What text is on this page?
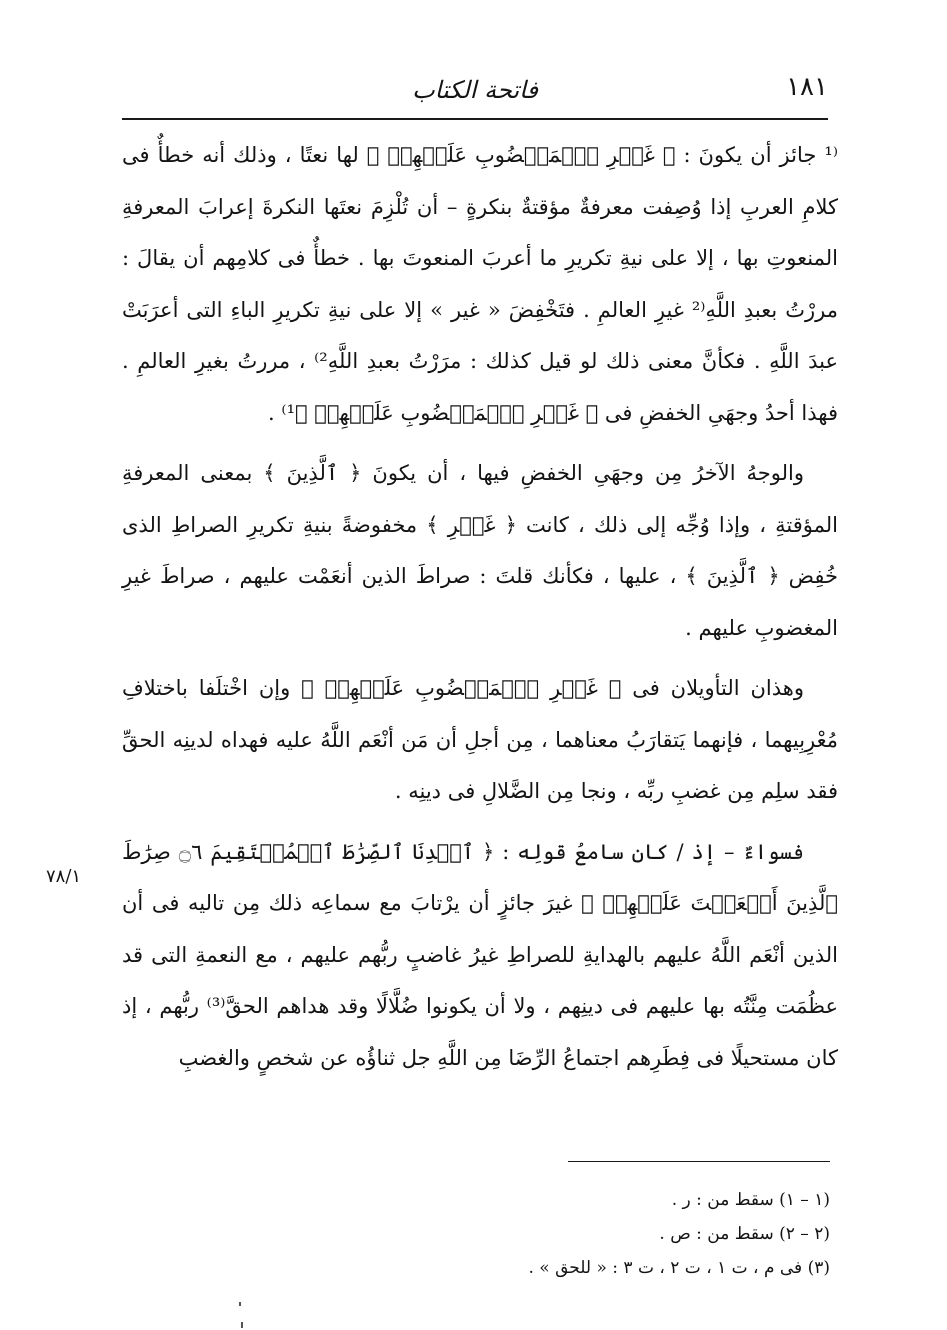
١٨١
فاتحة الكتاب

⁽¹ جائز أن يكونَ : ﴿ غَيۡرِ ٱلۡمَغۡضُوبِ عَلَيۡهِمۡ ﴾ لها نعتًا ، وذلك أنه خطأٌ فى كلامِ العربِ إذا وُصِفت معرفةٌ مؤقتةٌ بنكرةٍ – أن تُلْزِمَ نعتَها النكرةَ إعرابَ المعرفةِ المنعوتِ بها ، إلا على نيةِ تكريرِ ما أعربَ المنعوتَ بها . خطأٌ فى كلامِهم أن يقالَ : مررْتُ بعبدِ اللَّهِ⁽² غيرِ العالمِ . فتَخْفِضَ « غير » إلا على نيةِ تكريرِ الباءِ التى أعرَبَتْ عبدَ اللَّهِ . فكأنَّ معنى ذلك لو قيل كذلك : مرَرْتُ بعبدِ اللَّهِ²⁾ ، مررتُ بغيرِ العالمِ . فهذا أحدُ وجهَىِ الخفضِ فى ﴿ غَيۡرِ ٱلۡمَغۡضُوبِ عَلَيۡهِمۡ ﴾¹⁾ .

والوجهُ الآخرُ مِن وجهَىِ الخفضِ فيها ، أن يكونَ ﴿ ٱلَّذِينَ ﴾ بمعنى المعرفةِ المؤقتةِ ، وإذا وُجِّه إلى ذلك ، كانت ﴿ غَيۡرِ ﴾ مخفوضةً بنيةِ تكريرِ الصراطِ الذى خُفِض ﴿ ٱلَّذِينَ ﴾ ، عليها ، فكأنك قلتَ : صراطَ الذين أنعَمْت عليهم ، صراطَ غيرِ المغضوبِ عليهم .

وهذان التأويلان فى ﴿ غَيۡرِ ٱلۡمَغۡضُوبِ عَلَيۡهِمۡ ﴾ وإن اخْتلَفا باختلافِ مُعْرِبِيهما ، فإنهما يَتقارَبُ معناهما ، مِن أجلِ أن مَن أنْعَم اللَّهُ عليه فهداه لدينِه الحقِّ فقد سلِم مِن غضبِ ربِّه ، ونجا مِن الضَّلالِ فى دينِه .

فسواءٌ – إذ / كان سامعُ قولِه : ﴿ ٱهۡدِنَا ٱلصِّرَٰطَ ٱلۡمُسۡتَقِيمَ ۝٦ صِرَٰطَ ٱلَّذِينَ أَنۡعَمۡتَ عَلَيۡهِمۡ ﴾ غيرَ جائزٍ أن يرْتابَ مع سماعِه ذلك مِن تاليه فى أن الذين أنْعَم اللَّهُ عليهم بالهدايةِ للصراطِ غيرُ غاضبٍ ربُّهم عليهم ، مع النعمةِ التى قد عظُمَت مِنَّتُه بها عليهم فى دينِهم ، ولا أن يكونوا ضُلَّالًا وقد هداهم الحقَّ⁽³⁾ ربُّهم ، إذ كان مستحيلًا فى فِطَرِهم اجتماعُ الرِّضَا مِن اللَّهِ جل ثناؤُه عن شخصٍ والغضبِ

٧٨/١

(١ – ١) سقط من : ر .

(٢ – ٢) سقط من : ص .

(٣) فى م ، ت ١ ، ت ٢ ، ت ٣ : « للحق » .
